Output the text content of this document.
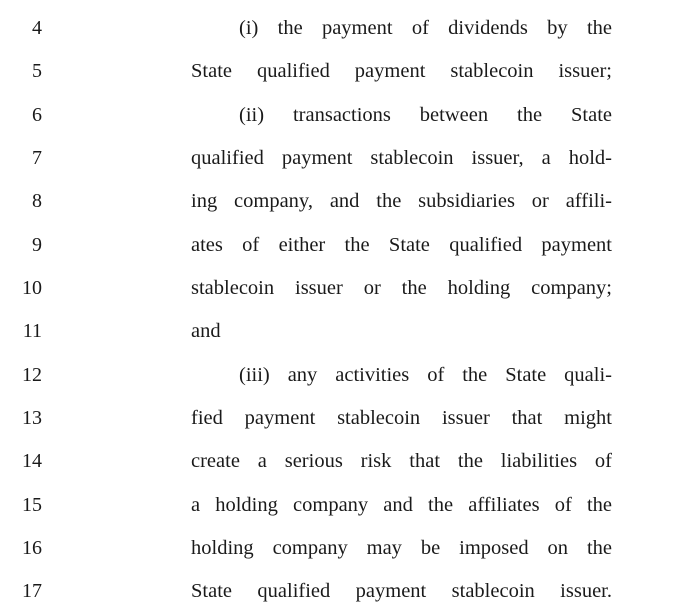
4	(i) the payment of dividends by the
5	State qualified payment stablecoin issuer;
6	(ii) transactions between the State
7	qualified payment stablecoin issuer, a hold-
8	ing company, and the subsidiaries or affili-
9	ates of either the State qualified payment
10	stablecoin issuer or the holding company;
11	and
12	(iii) any activities of the State quali-
13	fied payment stablecoin issuer that might
14	create a serious risk that the liabilities of
15	a holding company and the affiliates of the
16	holding company may be imposed on the
17	State qualified payment stablecoin issuer.
